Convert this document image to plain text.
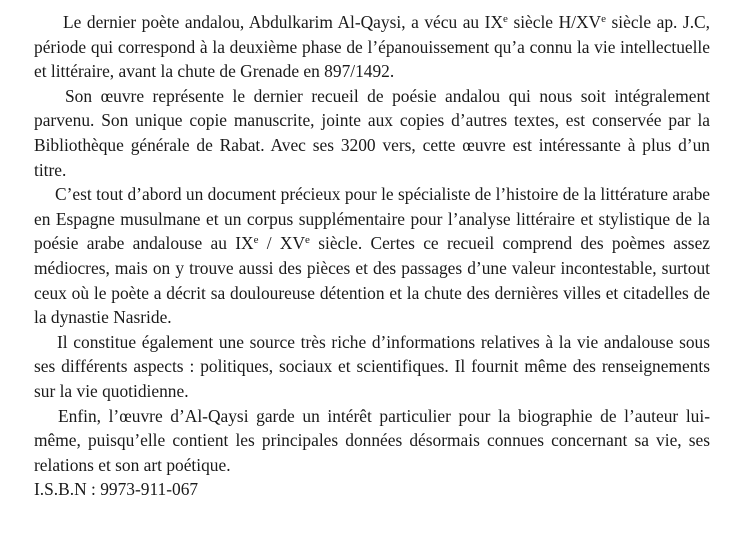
Le dernier poète andalou, Abdulkarim Al-Qaysi, a vécu au IXe siècle H/XVe siècle ap. J.C, période qui correspond à la deuxième phase de l’épanouissement qu’a connu la vie intellectuelle et littéraire, avant la chute de Grenade en 897/1492.

Son œuvre représente le dernier recueil de poésie andalou qui nous soit intégralement parvenu. Son unique copie manuscrite, jointe aux copies d’autres textes, est conservée par la Bibliothèque générale de Rabat. Avec ses 3200 vers, cette œuvre est intéressante à plus d’un titre.

C’est tout d’abord un document précieux pour le spécialiste de l’histoire de la littérature arabe en Espagne musulmane et un corpus supplémentaire pour l’analyse littéraire et stylistique de la poésie arabe andalouse au IXe / XVe siècle. Certes ce recueil comprend des poèmes assez médiocres, mais on y trouve aussi des pièces et des passages d’une valeur incontestable, surtout ceux où le poète a décrit sa douloureuse détention et la chute des dernières villes et citadelles de la dynastie Nasride.

Il constitue également une source très riche d’informations relatives à la vie andalouse sous ses différents aspects : politiques, sociaux et scientifiques. Il fournit même des renseignements sur la vie quotidienne.

Enfin, l’œuvre d’Al-Qaysi garde un intérêt particulier pour la biographie de l’auteur lui-même, puisqu’elle contient les principales données désormais connues concernant sa vie, ses relations et son art poétique.

I.S.B.N : 9973-911-067
